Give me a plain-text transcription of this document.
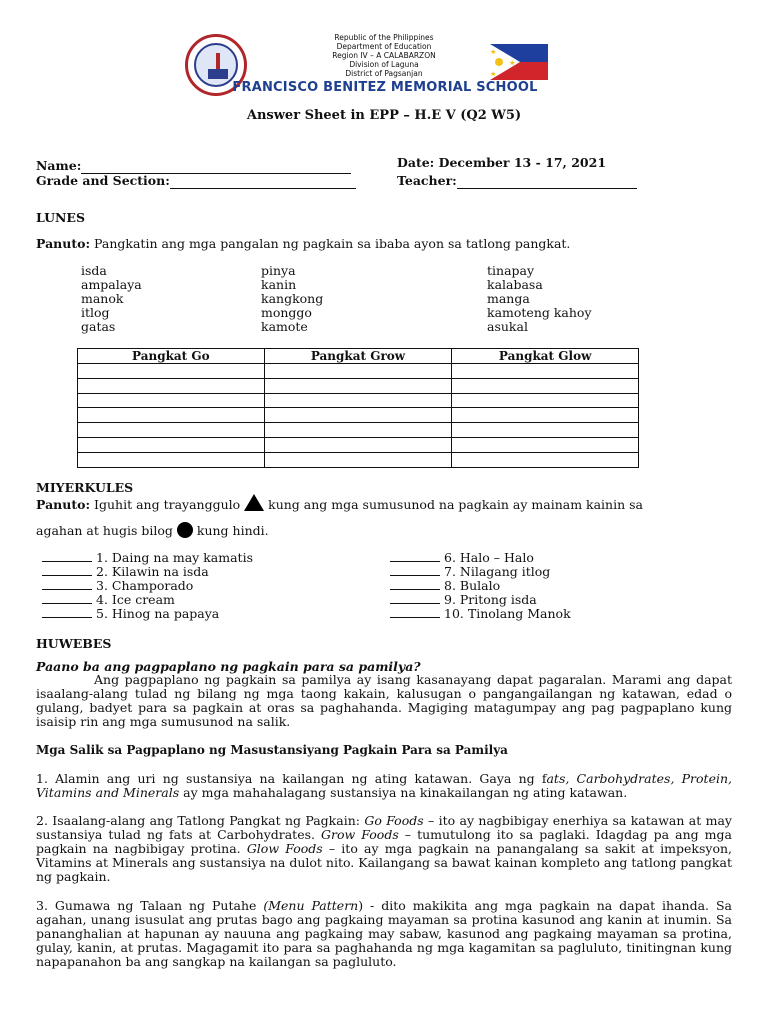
Republic of the Philippines
Department of Education
Region IV – A CALABARZON
Division of Laguna
District of Pagsanjan
FRANCISCO BENITEZ MEMORIAL SCHOOL
Answer Sheet in EPP – H.E V (Q2 W5)
Name:	Date: December 13 - 17, 2021
Grade and Section:	Teacher:
LUNES
Panuto: Pangkatin ang mga pangalan ng pagkain sa ibaba ayon sa tatlong pangkat.
isda
ampalaya
manok
itlog
gatas
pinya
kanin
kangkong
monggo
kamote
tinapay
kalabasa
manga
kamoteng kahoy
asukal
Pangkat Go	Pangkat Grow	Pangkat Glow

MIYERKULES
Panuto: Iguhit ang trayanggulo  kung ang mga sumusunod na pagkain ay mainam kainin sa
agahan at hugis bilog  kung hindi.
1. Daing na may kamatis
2. Kilawin na isda
3. Champorado
4. Ice cream
5. Hinog na papaya
6. Halo – Halo
7. Nilagang itlog
8. Bulalo
9. Pritong isda
10. Tinolang Manok
HUWEBES
Paano ba ang pagpaplano ng pagkain para sa pamilya?
Ang pagpaplano ng pagkain sa pamilya ay isang kasanayang dapat pagaralan. Marami ang dapat isaalang-alang tulad ng bilang ng mga taong kakain, kalusugan o pangangailangan ng katawan, edad o gulang, badyet para sa pagkain at oras sa paghahanda. Magiging matagumpay ang pag pagpaplano kung isaisip rin ang mga sumusunod na salik.
Mga Salik sa Pagpaplano ng Masustansiyang Pagkain Para sa Pamilya
1. Alamin ang uri ng sustansiya na kailangan ng ating katawan. Gaya ng fats, Carbohydrates, Protein, Vitamins and Minerals ay mga mahahalagang sustansiya na kinakailangan ng ating katawan.
2. Isaalang-alang ang Tatlong Pangkat ng Pagkain: Go Foods – ito ay nagbibigay enerhiya sa katawan at may sustansiya tulad ng fats at Carbohydrates. Grow Foods – tumutulong ito sa paglaki. Idagdag pa ang mga pagkain na nagbibigay protina. Glow Foods – ito ay mga pagkain na panangalang sa sakit at impeksyon, Vitamins at Minerals ang sustansiya na dulot nito. Kailangang sa bawat kainan kompleto ang tatlong pangkat ng pagkain.
3. Gumawa ng Talaan ng Putahe (Menu Pattern) - dito makikita ang mga pagkain na dapat ihanda. Sa agahan, unang isusulat ang prutas bago ang pagkaing mayaman sa protina kasunod ang kanin at inumin. Sa pananghalian at hapunan ay nauuna ang pagkaing may sabaw, kasunod ang pagkaing mayaman sa protina, gulay, kanin, at prutas. Magagamit ito para sa paghahanda ng mga kagamitan sa pagluluto, tinitingnan kung napapanahon ba ang sangkap na kailangan sa pagluluto.
